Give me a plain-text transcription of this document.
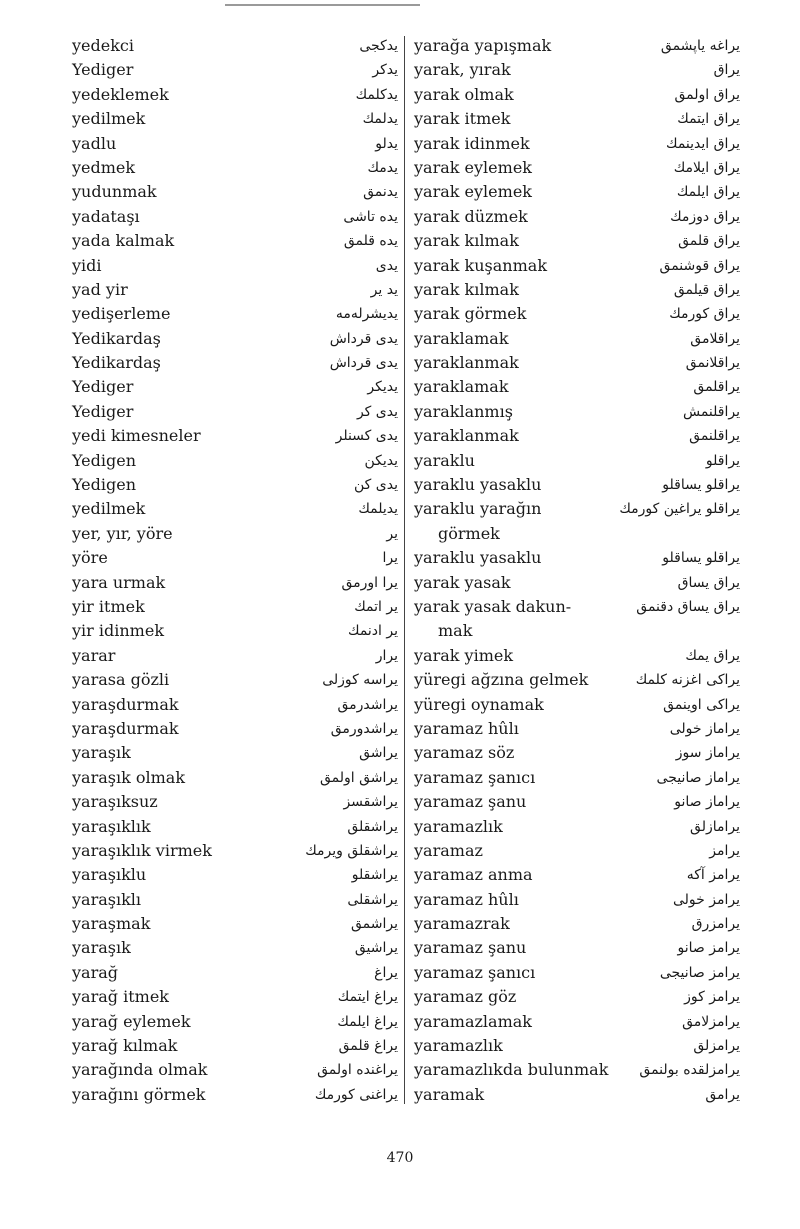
yedekci	يدكجى
Yediger	يدكر
yedeklemek	يدكلمك
yedilmek	يدلمك
yadlu	يدلو
yedmek	يدمك
yudunmak	يدنمق
yadataşı	يده تاشى
yada kalmak	يده قلمق
yidi	يدى
yad yir	يد ير
yedişerleme	يديشرلەمە
Yedikardaş	يدى قرداش
Yedikardaş	يدى قرداش
Yediger	يديكر
Yediger	يدى كر
yedi kimesneler	يدى كسنلر
Yedigen	يديكن
Yedigen	يدى كن
yedilmek	يديلمك
yer, yır, yöre	ير
yöre	يرا
yara urmak	يرا اورمق
yir itmek	ير اتمك
yir idinmek	ير ادنمك
yarar	يرار
yarasa gözli	يراسه كوزلى
yaraşdurmak	يراشدرمق
yaraşdurmak	يراشدورمق
yaraşık	يراشق
yaraşık olmak	يراشق اولمق
yaraşıksuz	يراشقسز
yaraşıklık	يراشقلق
yaraşıklık virmek	يراشقلق ويرمك
yaraşıklu	يراشقلو
yaraşıklı	يراشقلى
yaraşmak	يراشمق
yaraşık	يراشيق
yarağ	يراغ
yarağ itmek	يراغ ايتمك
yarağ eylemek	يراغ ايلمك
yarağ kılmak	يراغ قلمق
yarağında olmak	يراغنده اولمق
yarağını görmek	يراغنى كورمك
yarağa yapışmak	يراغه ياپشمق
yarak, yırak	يراق
yarak olmak	يراق اولمق
yarak itmek	يراق ايتمك
yarak idinmek	يراق ايدينمك
yarak eylemek	يراق ايلامك
yarak eylemek	يراق ايلمك
yarak düzmek	يراق دوزمك
yarak kılmak	يراق قلمق
yarak kuşanmak	يراق قوشنمق
yarak kılmak	يراق قيلمق
yarak görmek	يراق كورمك
yaraklamak	يراقلامق
yaraklanmak	يراقلانمق
yaraklamak	يراقلمق
yaraklanmış	يراقلنمش
yaraklanmak	يراقلنمق
yaraklu	يراقلو
yaraklu yasaklu	يراقلو يساقلو
yaraklu yarağın	يراقلو يراغين كورمك
görmek
yaraklu yasaklu	يراقلو يساقلو
yarak yasak	يراق يساق
yarak yasak dakun-	يراق يساق دقنمق
mak
yarak yimek	يراق يمك
yüregi ağzına gelmek	يراكى اغزنه كلمك
yüregi oynamak	يراكى اوينمق
yaramaz hûlı	يراماز خولى
yaramaz söz	يراماز سوز
yaramaz şanıcı	يراماز صانيجى
yaramaz şanu	يراماز صانو
yaramazlık	يرامازلق
yaramaz	يرامز
yaramaz anma	يرامز آكه
yaramaz hûlı	يرامز خولى
yaramazrak	يرامزرق
yaramaz şanu	يرامز صانو
yaramaz şanıcı	يرامز صانيجى
yaramaz göz	يرامز كوز
yaramazlamak	يرامزلامق
yaramazlık	يرامزلق
yaramazlıkda bulunmak يرامزلقده بولنمق
yaramak	يرامق
470
